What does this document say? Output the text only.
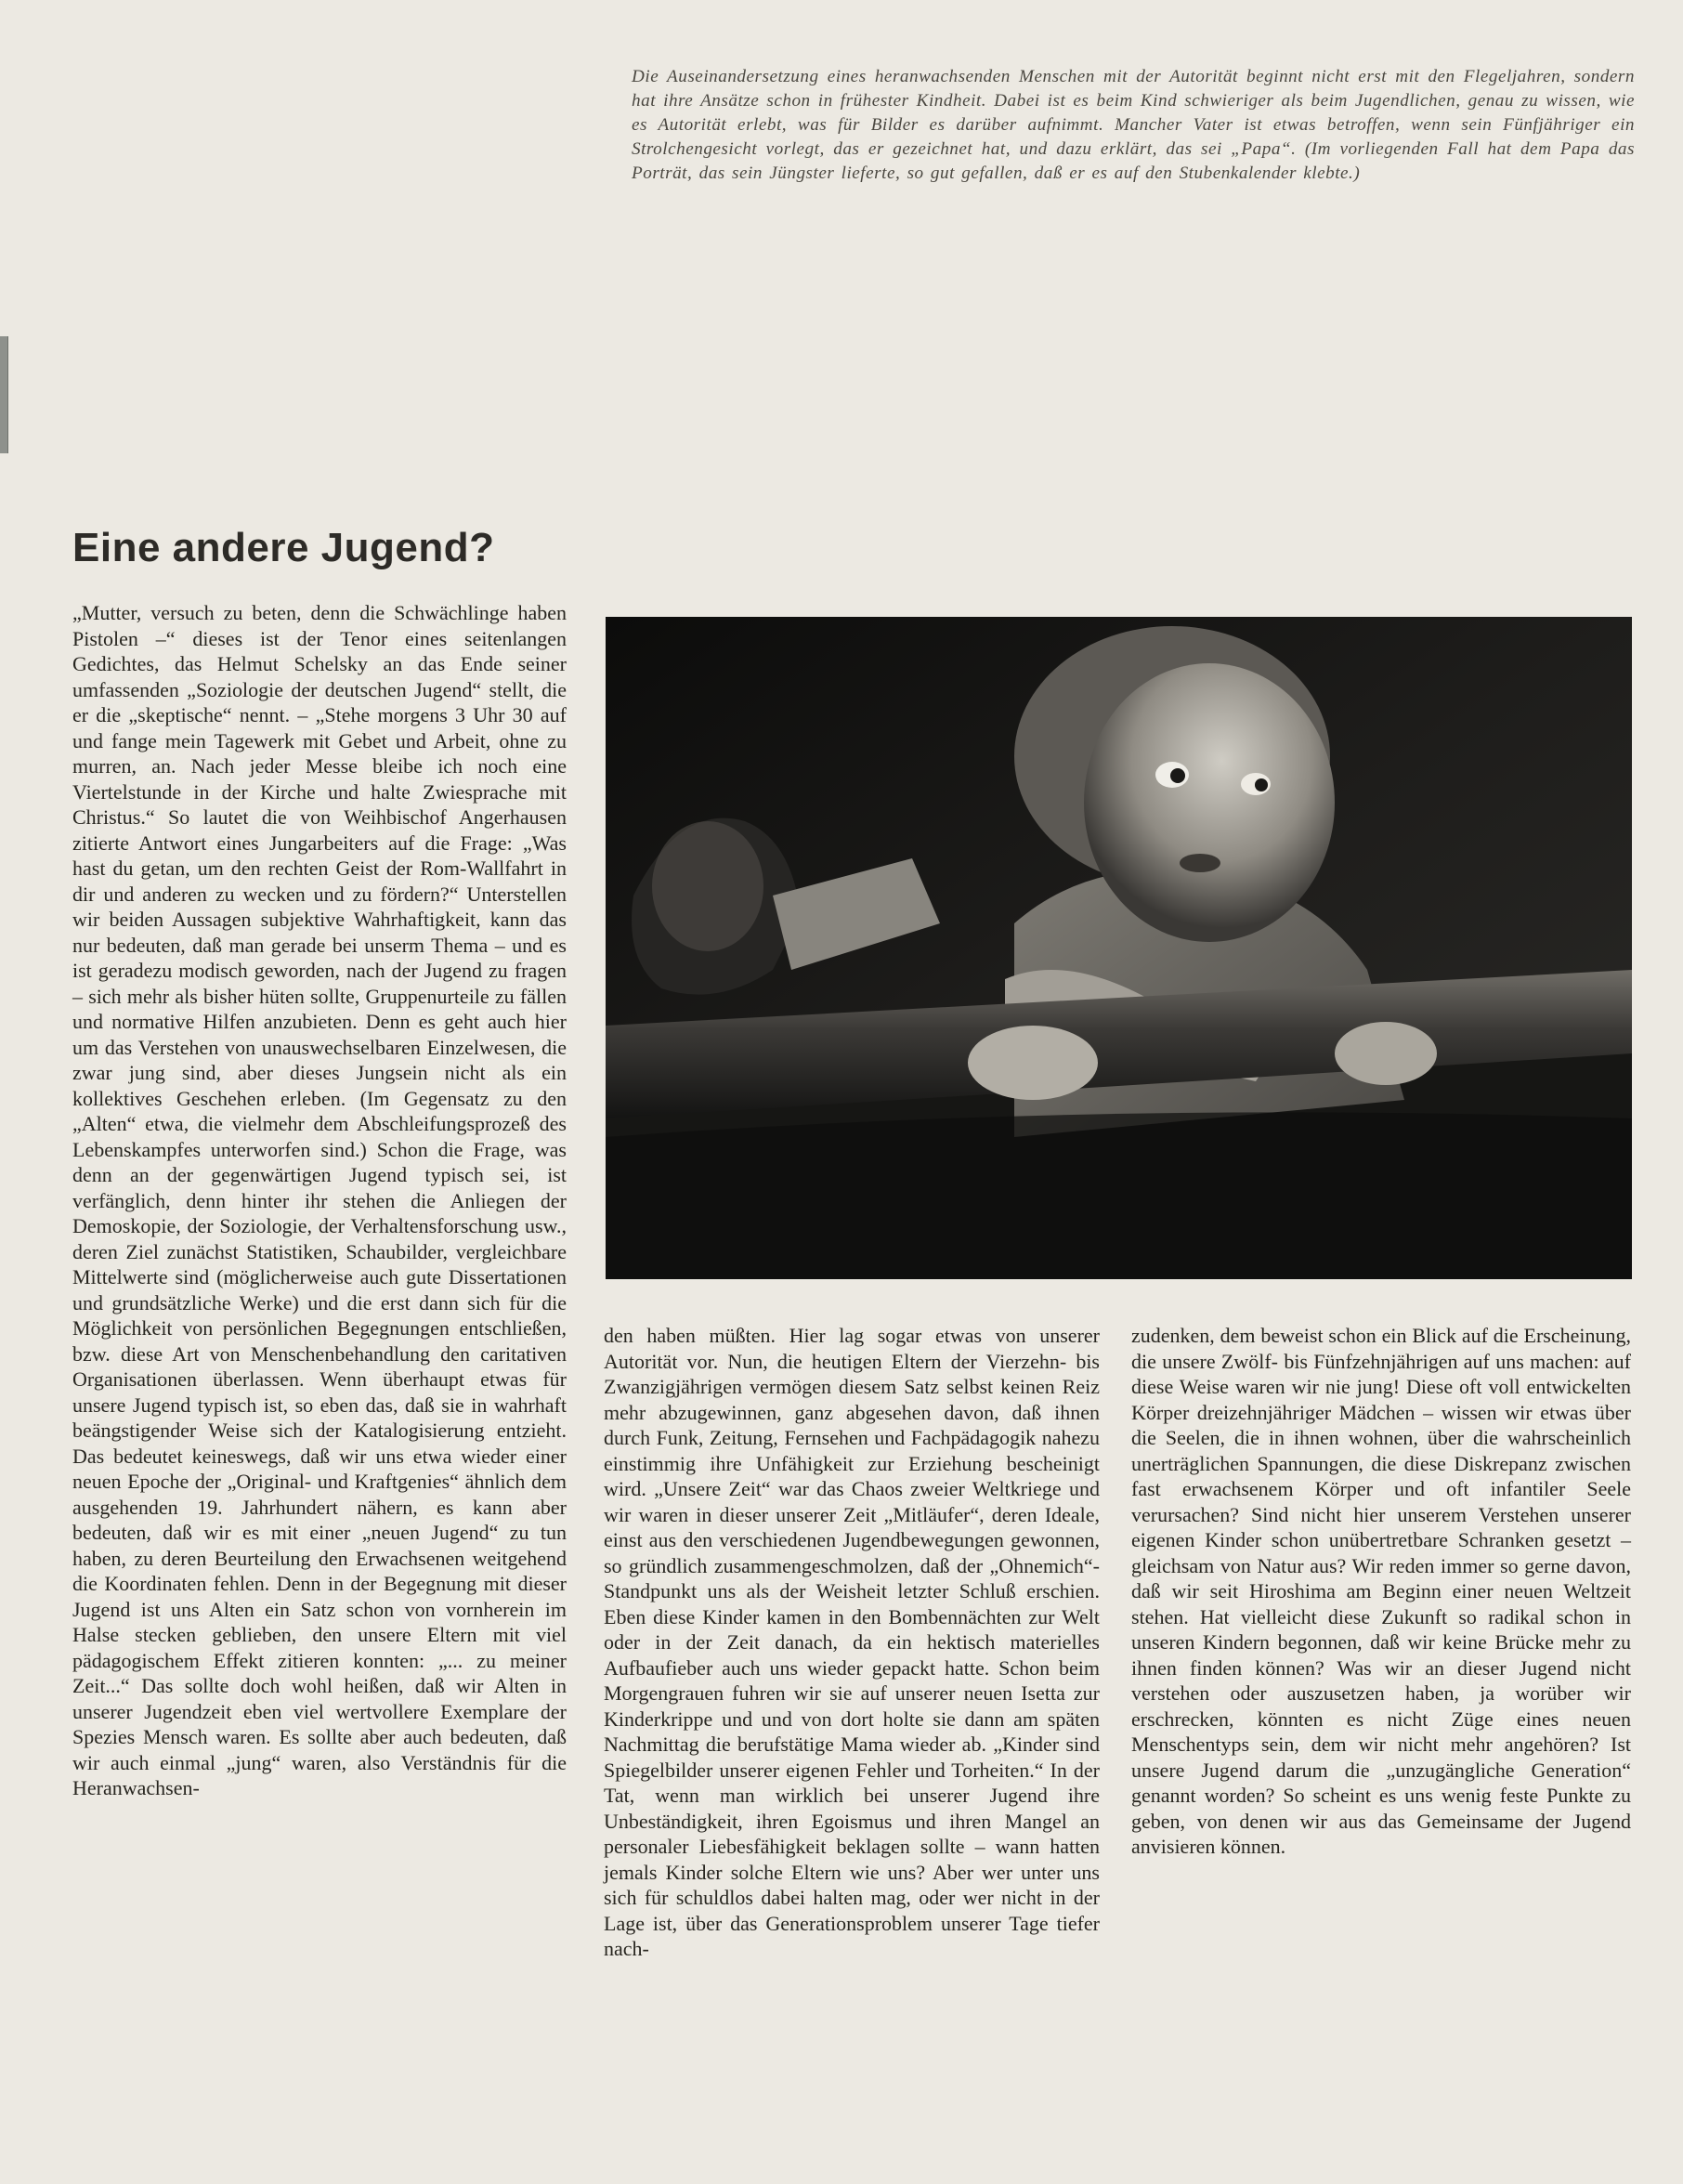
Die Auseinandersetzung eines heranwachsenden Menschen mit der Autorität beginnt nicht erst mit den Flegeljahren, sondern hat ihre Ansätze schon in frühester Kindheit. Dabei ist es beim Kind schwieriger als beim Jugendlichen, genau zu wissen, wie es Autorität erlebt, was für Bilder es darüber aufnimmt. Mancher Vater ist etwas betroffen, wenn sein Fünfjähriger ein Strolchengesicht vorlegt, das er gezeichnet hat, und dazu erklärt, das sei „Papa“. (Im vorliegenden Fall hat dem Papa das Porträt, das sein Jüngster lieferte, so gut gefallen, daß er es auf den Stubenkalender klebte.)

Eine andere Jugend?

„Mutter, versuch zu beten, denn die Schwächlinge haben Pistolen –“ dieses ist der Tenor eines seitenlangen Gedichtes, das Helmut Schelsky an das Ende seiner umfassenden „Soziologie der deutschen Jugend“ stellt, die er die „skeptische“ nennt. – „Stehe morgens 3 Uhr 30 auf und fange mein Tagewerk mit Gebet und Arbeit, ohne zu murren, an. Nach jeder Messe bleibe ich noch eine Viertelstunde in der Kirche und halte Zwiesprache mit Christus.“ So lautet die von Weihbischof Angerhausen zitierte Antwort eines Jungarbeiters auf die Frage: „Was hast du getan, um den rechten Geist der Rom-Wallfahrt in dir und anderen zu wecken und zu fördern?“ Unterstellen wir beiden Aussagen subjektive Wahrhaftigkeit, kann das nur bedeuten, daß man gerade bei unserm Thema – und es ist geradezu modisch geworden, nach der Jugend zu fragen – sich mehr als bisher hüten sollte, Gruppenurteile zu fällen und normative Hilfen anzubieten. Denn es geht auch hier um das Verstehen von unauswechselbaren Einzelwesen, die zwar jung sind, aber dieses Jungsein nicht als ein kollektives Geschehen erleben. (Im Gegensatz zu den „Alten“ etwa, die vielmehr dem Abschleifungsprozeß des Lebenskampfes unterworfen sind.) Schon die Frage, was denn an der gegenwärtigen Jugend typisch sei, ist verfänglich, denn hinter ihr stehen die Anliegen der Demoskopie, der Soziologie, der Verhaltensforschung usw., deren Ziel zunächst Statistiken, Schaubilder, vergleichbare Mittelwerte sind (möglicherweise auch gute Dissertationen und grundsätzliche Werke) und die erst dann sich für die Möglichkeit von persönlichen Begegnungen entschließen, bzw. diese Art von Menschenbehandlung den caritativen Organisationen überlassen. Wenn überhaupt etwas für unsere Jugend typisch ist, so eben das, daß sie in wahrhaft beängstigender Weise sich der Katalogisierung entzieht. Das bedeutet keineswegs, daß wir uns etwa wieder einer neuen Epoche der „Original- und Kraftgenies“ ähnlich dem ausgehenden 19. Jahrhundert nähern, es kann aber bedeuten, daß wir es mit einer „neuen Jugend“ zu tun haben, zu deren Beurteilung den Erwachsenen weitgehend die Koordinaten fehlen. Denn in der Begegnung mit dieser Jugend ist uns Alten ein Satz schon von vornherein im Halse stecken geblieben, den unsere Eltern mit viel pädagogischem Effekt zitieren konnten: „... zu meiner Zeit...“ Das sollte doch wohl heißen, daß wir Alten in unserer Jugendzeit eben viel wertvollere Exemplare der Spezies Mensch waren. Es sollte aber auch bedeuten, daß wir auch einmal „jung“ waren, also Verständnis für die Heranwachsen-

den haben müßten. Hier lag sogar etwas von unserer Autorität vor. Nun, die heutigen Eltern der Vierzehn- bis Zwanzigjährigen vermögen diesem Satz selbst keinen Reiz mehr abzugewinnen, ganz abgesehen davon, daß ihnen durch Funk, Zeitung, Fernsehen und Fachpädagogik nahezu einstimmig ihre Unfähigkeit zur Erziehung bescheinigt wird. „Unsere Zeit“ war das Chaos zweier Weltkriege und wir waren in dieser unserer Zeit „Mitläufer“, deren Ideale, einst aus den verschiedenen Jugendbewegungen gewonnen, so gründlich zusammengeschmolzen, daß der „Ohnemich“-Standpunkt uns als der Weisheit letzter Schluß erschien. Eben diese Kinder kamen in den Bombennächten zur Welt oder in der Zeit danach, da ein hektisch materielles Aufbaufieber auch uns wieder gepackt hatte. Schon beim Morgengrauen fuhren wir sie auf unserer neuen Isetta zur Kinderkrippe und und von dort holte sie dann am späten Nachmittag die berufstätige Mama wieder ab. „Kinder sind Spiegelbilder unserer eigenen Fehler und Torheiten.“ In der Tat, wenn man wirklich bei unserer Jugend ihre Unbeständigkeit, ihren Egoismus und ihren Mangel an personaler Liebesfähigkeit beklagen sollte – wann hatten jemals Kinder solche Eltern wie uns? Aber wer unter uns sich für schuldlos dabei halten mag, oder wer nicht in der Lage ist, über das Generationsproblem unserer Tage tiefer nach-

zudenken, dem beweist schon ein Blick auf die Erscheinung, die unsere Zwölf- bis Fünfzehnjährigen auf uns machen: auf diese Weise waren wir nie jung! Diese oft voll entwickelten Körper dreizehnjähriger Mädchen – wissen wir etwas über die Seelen, die in ihnen wohnen, über die wahrscheinlich unerträglichen Spannungen, die diese Diskrepanz zwischen fast erwachsenem Körper und oft infantiler Seele verursachen? Sind nicht hier unserem Verstehen unserer eigenen Kinder schon unübertretbare Schranken gesetzt – gleichsam von Natur aus? Wir reden immer so gerne davon, daß wir seit Hiroshima am Beginn einer neuen Weltzeit stehen. Hat vielleicht diese Zukunft so radikal schon in unseren Kindern begonnen, daß wir keine Brücke mehr zu ihnen finden können? Was wir an dieser Jugend nicht verstehen oder auszusetzen haben, ja worüber wir erschrecken, könnten es nicht Züge eines neuen Menschentyps sein, dem wir nicht mehr angehören? Ist unsere Jugend darum die „unzugängliche Generation“ genannt worden? So scheint es uns wenig feste Punkte zu geben, von denen wir aus das Gemeinsame der Jugend anvisieren können.
